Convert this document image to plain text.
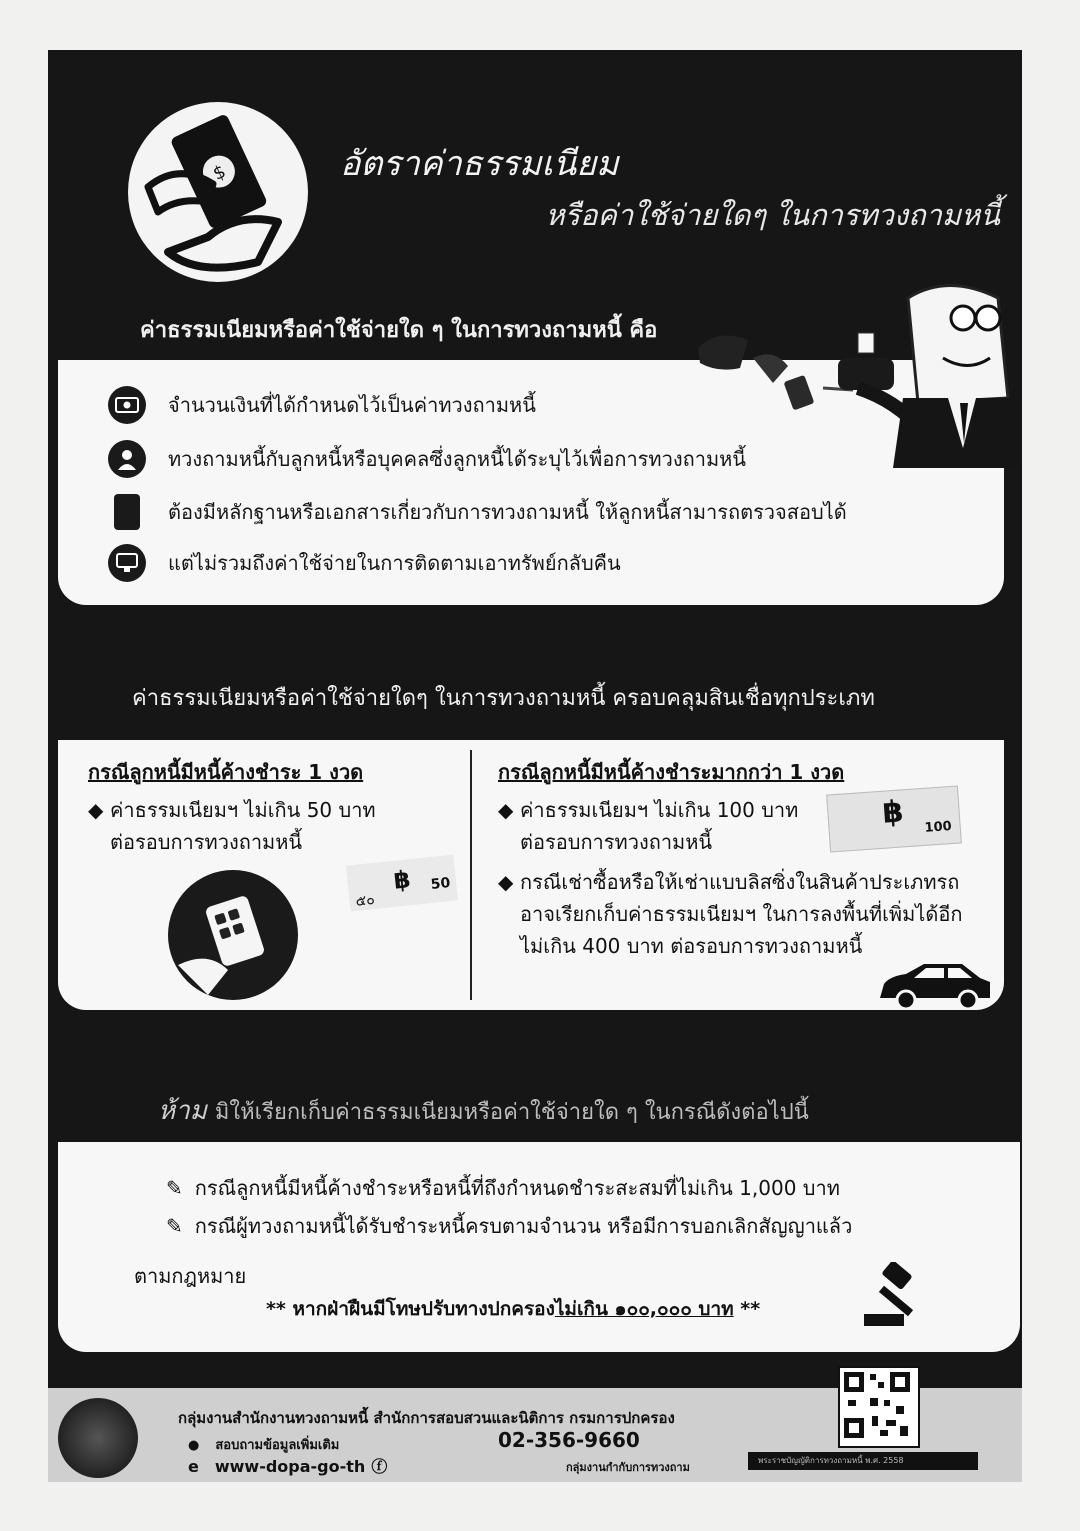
$	อัตราค่าธรรมเนียม
หรือค่าใช้จ่ายใดๆ ในการทวงถามหนี้
ค่าธรรมเนียมหรือค่าใช้จ่ายใด ๆ ในการทวงถามหนี้ คือ
จำนวนเงินที่ได้กำหนดไว้เป็นค่าทวงถามหนี้
ทวงถามหนี้กับลูกหนี้หรือบุคคลซึ่งลูกหนี้ได้ระบุไว้เพื่อการทวงถามหนี้
ต้องมีหลักฐานหรือเอกสารเกี่ยวกับการทวงถามหนี้ ให้ลูกหนี้สามารถตรวจสอบได้
แต่ไม่รวมถึงค่าใช้จ่ายในการติดตามเอาทรัพย์กลับคืน
ค่าธรรมเนียมหรือค่าใช้จ่ายใดๆ ในการทวงถามหนี้ ครอบคลุมสินเชื่อทุกประเภท
กรณีลูกหนี้มีหนี้ค้างชำระ 1 งวด
◆ ค่าธรรมเนียมฯ ไม่เกิน 50 บาท
ต่อรอบการทวงถามหนี้
฿ 50
๕๐
กรณีลูกหนี้มีหนี้ค้างชำระมากกว่า 1 งวด
◆ ค่าธรรมเนียมฯ ไม่เกิน 100 บาท
ต่อรอบการทวงถามหนี้
◆ กรณีเช่าซื้อหรือให้เช่าแบบลิสซิ่งในสินค้าประเภทรถ
อาจเรียกเก็บค่าธรรมเนียมฯ ในการลงพื้นที่เพิ่มได้อีก
ไม่เกิน 400 บาท ต่อรอบการทวงถามหนี้
฿ 100
ห้าม มิให้เรียกเก็บค่าธรรมเนียมหรือค่าใช้จ่ายใด ๆ ในกรณีดังต่อไปนี้
✎ กรณีลูกหนี้มีหนี้ค้างชำระหรือหนี้ที่ถึงกำหนดชำระสะสมที่ไม่เกิน 1,000 บาท
✎ กรณีผู้ทวงถามหนี้ได้รับชำระหนี้ครบตามจำนวน หรือมีการบอกเลิกสัญญาแล้ว
ตามกฎหมาย
** หากฝ่าฝืนมีโทษปรับทางปกครองไม่เกิน ๑๐๐,๐๐๐ บาท **
กลุ่มงานสำนักงานทวงถามหนี้ สำนักการสอบสวนและนิติการ กรมการปกครอง
● สอบถามข้อมูลเพิ่มเติม	02-356-9660
e www-dopa-go-th ⓕ	กลุ่มงานกำกับการทวงถาม
พระราชบัญญัติการทวงถามหนี้ พ.ศ. 2558
